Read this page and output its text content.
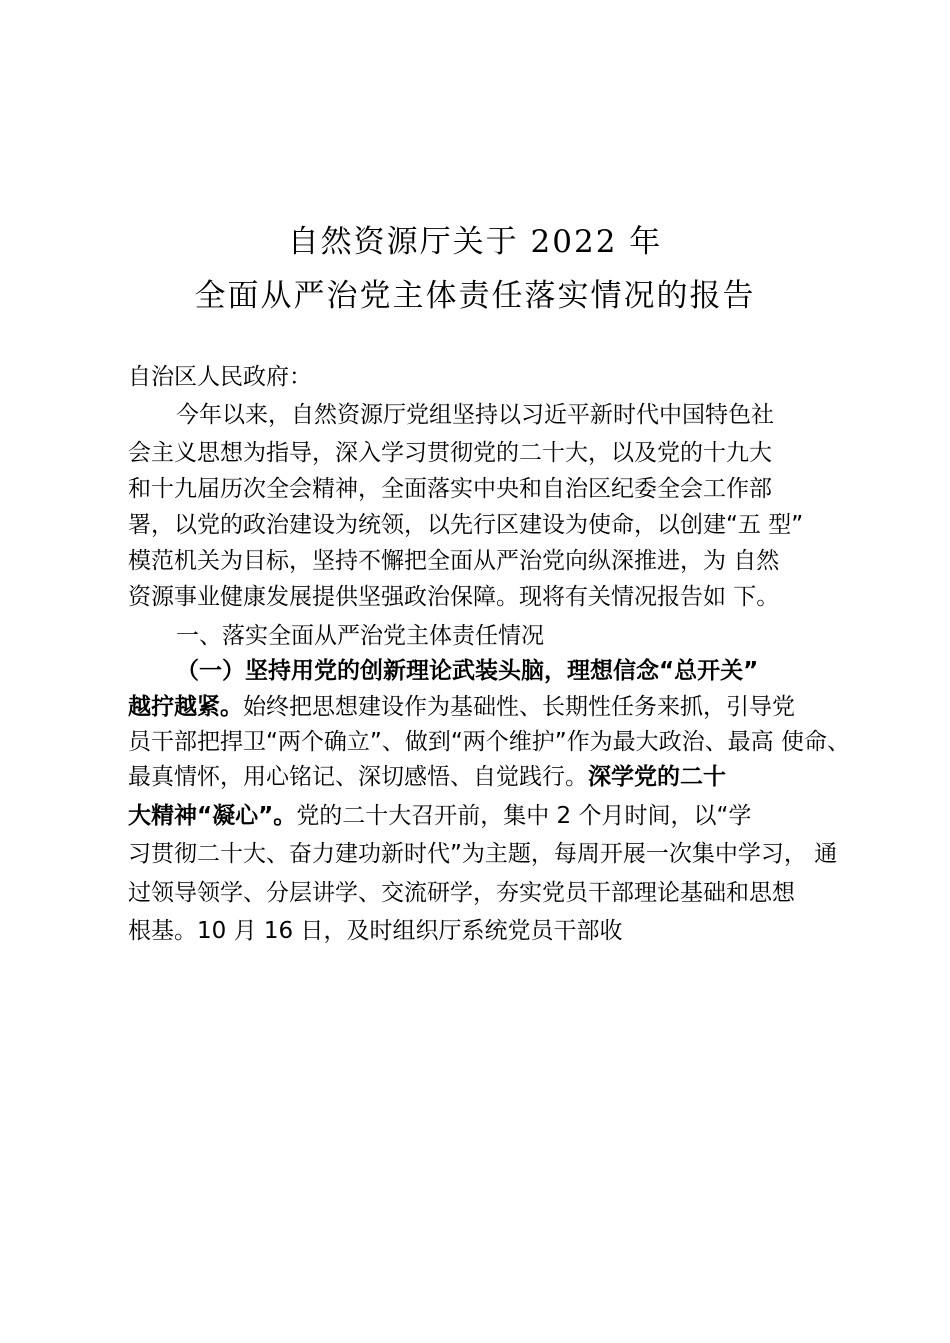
自然资源厅关于 2022 年
全面从严治党主体责任落实情况的报告
自治区人民政府：
今年以来，自然资源厅党组坚持以习近平新时代中国特色社
会主义思想为指导，深入学习贯彻党的二十大，以及党的十九大
和十九届历次全会精神，全面落实中央和自治区纪委全会工作部
署，以党的政治建设为统领，以先行区建设为使命，以创建“五 型”
模范机关为目标，坚持不懈把全面从严治党向纵深推进，为 自然
资源事业健康发展提供坚强政治保障。现将有关情况报告如 下。
一、落实全面从严治党主体责任情况
（一）坚持用党的创新理论武装头脑，理想信念“总开关”
越拧越紧。始终把思想建设作为基础性、长期性任务来抓，引导党
员干部把捍卫“两个确立”、做到“两个维护”作为最大政治、最高 使命、
最真情怀，用心铭记、深切感悟、自觉践行。深学党的二十
大精神“凝心”。党的二十大召开前，集中 2 个月时间，以“学
习贯彻二十大、奋力建功新时代”为主题，每周开展一次集中学习， 通
过领导领学、分层讲学、交流研学，夯实党员干部理论基础和思想
根基。10 月 16 日，及时组织厅系统党员干部收
